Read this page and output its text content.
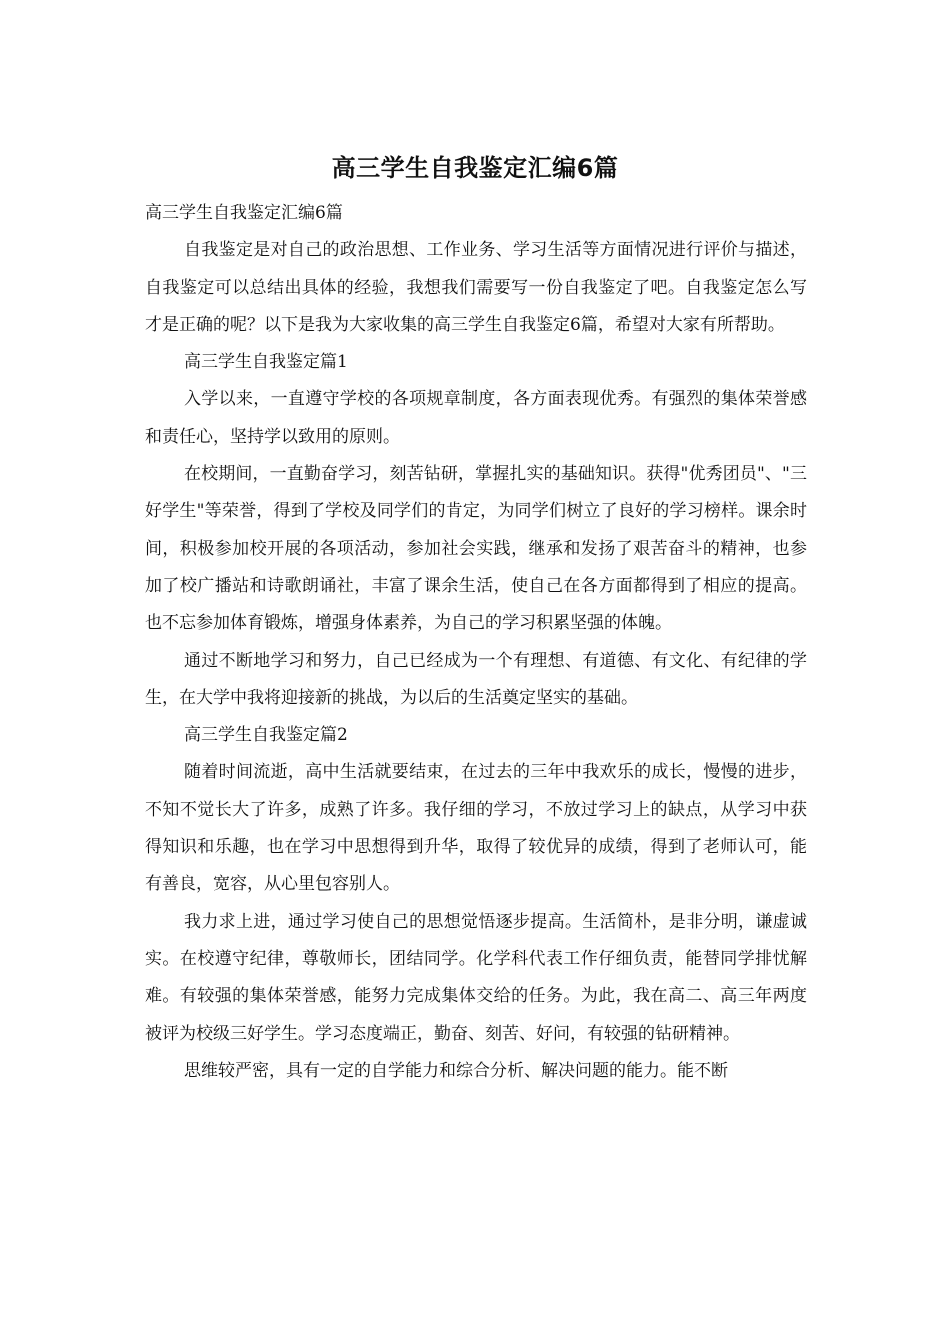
高三学生自我鉴定汇编6篇

高三学生自我鉴定汇编6篇

自我鉴定是对自己的政治思想、工作业务、学习生活等方面情况进行评价与描述，自我鉴定可以总结出具体的经验，我想我们需要写一份自我鉴定了吧。自我鉴定怎么写才是正确的呢？以下是我为大家收集的高三学生自我鉴定6篇，希望对大家有所帮助。

高三学生自我鉴定篇1

入学以来，一直遵守学校的各项规章制度，各方面表现优秀。有强烈的集体荣誉感和责任心，坚持学以致用的原则。

在校期间，一直勤奋学习，刻苦钻研，掌握扎实的基础知识。获得"优秀团员"、"三好学生"等荣誉，得到了学校及同学们的肯定，为同学们树立了良好的学习榜样。课余时间，积极参加校开展的各项活动，参加社会实践，继承和发扬了艰苦奋斗的精神，也参加了校广播站和诗歌朗诵社，丰富了课余生活，使自己在各方面都得到了相应的提高。也不忘参加体育锻炼，增强身体素养，为自己的学习积累坚强的体魄。

通过不断地学习和努力，自己已经成为一个有理想、有道德、有文化、有纪律的学生，在大学中我将迎接新的挑战，为以后的生活奠定坚实的基础。

高三学生自我鉴定篇2

随着时间流逝，高中生活就要结束，在过去的三年中我欢乐的成长，慢慢的进步，不知不觉长大了许多，成熟了许多。我仔细的学习，不放过学习上的缺点，从学习中获得知识和乐趣，也在学习中思想得到升华，取得了较优异的成绩，得到了老师认可，能有善良，宽容，从心里包容别人。

我力求上进，通过学习使自己的思想觉悟逐步提高。生活简朴，是非分明，谦虚诚实。在校遵守纪律，尊敬师长，团结同学。化学科代表工作仔细负责，能替同学排忧解难。有较强的集体荣誉感，能努力完成集体交给的任务。为此，我在高二、高三年两度被评为校级三好学生。学习态度端正，勤奋、刻苦、好问，有较强的钻研精神。

思维较严密，具有一定的自学能力和综合分析、解决问题的能力。能不断
